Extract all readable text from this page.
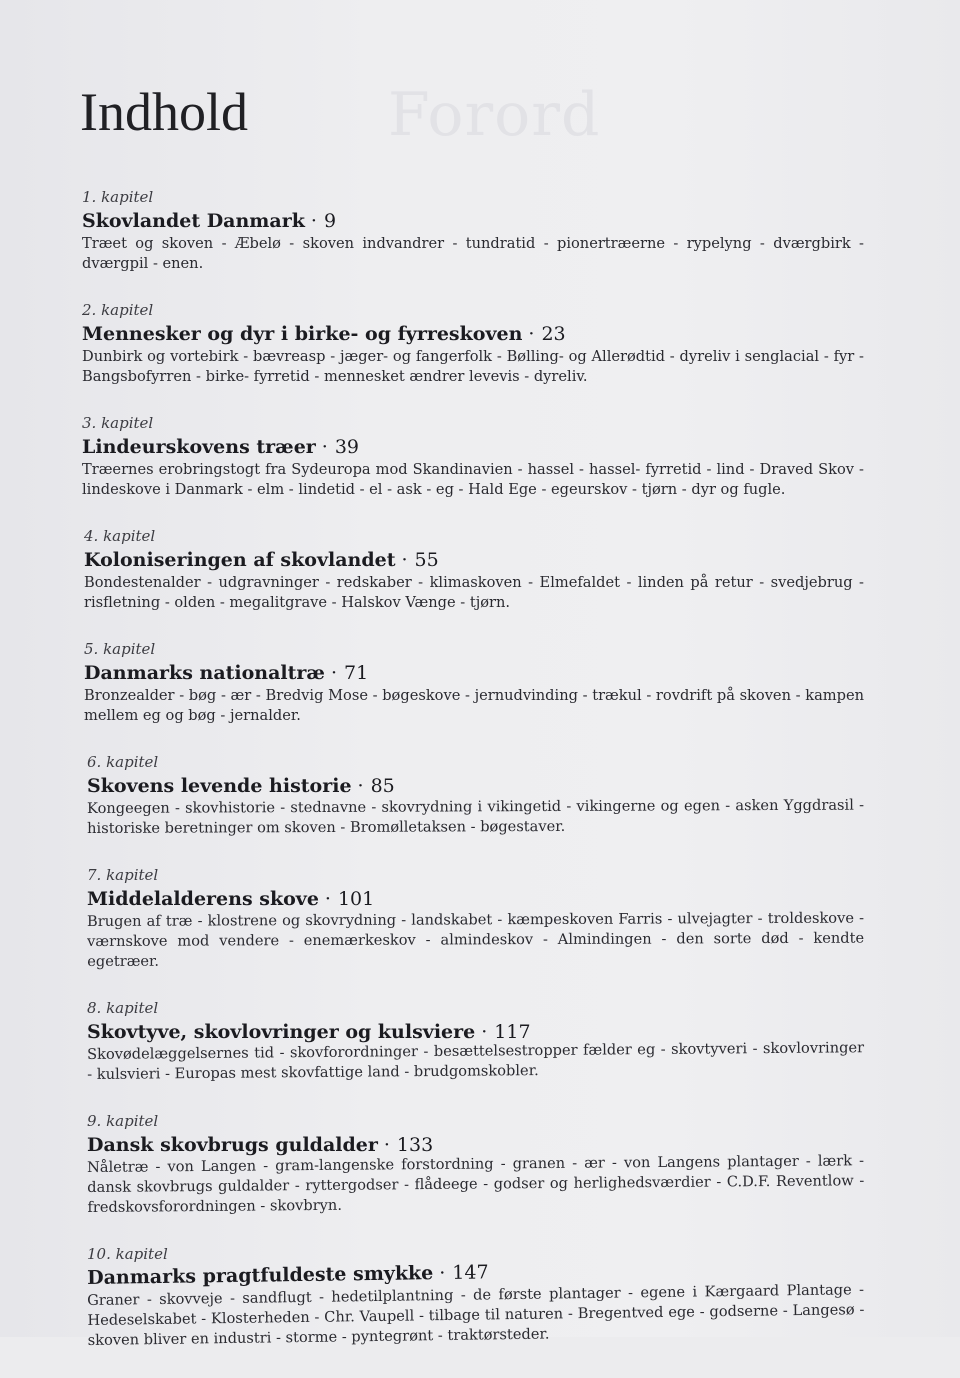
Forord
Indhold
1. kapitel
Skovlandet Danmark · 9
Træet og skoven - Æbelø - skoven indvandrer - tundratid - pionertræerne - rypelyng - dværgbirk - dværgpil - enen.
2. kapitel
Mennesker og dyr i birke- og fyrreskoven · 23
Dunbirk og vortebirk - bævreasp - jæger- og fangerfolk - Bølling- og Allerødtid - dyreliv i senglacial - fyr - Bangsbofyrren - birke- fyrretid - mennesket ændrer levevis - dyreliv.
3. kapitel
Lindeurskovens træer · 39
Træernes erobringstogt fra Sydeuropa mod Skandinavien - hassel - hassel- fyrretid - lind - Draved Skov - lindeskove i Danmark - elm - lindetid - el - ask - eg - Hald Ege - egeurskov - tjørn - dyr og fugle.
4. kapitel
Koloniseringen af skovlandet · 55
Bondestenalder - udgravninger - redskaber - klimaskoven - Elmefaldet - linden på retur - svedjebrug - risfletning - olden - megalitgrave - Halskov Vænge - tjørn.
5. kapitel
Danmarks nationaltræ · 71
Bronzealder - bøg - ær - Bredvig Mose - bøgeskove - jernudvinding - trækul - rovdrift på skoven - kampen mellem eg og bøg - jernalder.
6. kapitel
Skovens levende historie · 85
Kongeegen - skovhistorie - stednavne - skovrydning i vikingetid - vikingerne og egen - asken Yggdrasil - historiske beretninger om skoven - Bromølletaksen - bøgestaver.
7. kapitel
Middelalderens skove · 101
Brugen af træ - klostrene og skovrydning - landskabet - kæmpeskoven Farris - ulvejagter - troldeskove - værnskove mod vendere - enemærkeskov - almindeskov - Almindingen - den sorte død - kendte egetræer.
8. kapitel
Skovtyve, skovlovringer og kulsviere · 117
Skovødelæggelsernes tid - skovforordninger - besættelsestropper fælder eg - skovtyveri - skovlovringer - kulsvieri - Europas mest skovfattige land - brudgomskobler.
9. kapitel
Dansk skovbrugs guldalder · 133
Nåletræ - von Langen - gram-langenske forstordning - granen - ær - von Langens plantager - lærk - dansk skovbrugs guldalder - ryttergodser - flådeege - godser og herlighedsværdier - C.D.F. Reventlow - fredskovsforordningen - skovbryn.
10. kapitel
Danmarks pragtfuldeste smykke · 147
Graner - skovveje - sandflugt - hedetilplantning - de første plantager - egene i Kærgaard Plantage - Hedeselskabet - Klosterheden - Chr. Vaupell - tilbage til naturen - Bregentved ege - godserne - Langesø - skoven bliver en industri - storme - pyntegrønt - traktørsteder.
